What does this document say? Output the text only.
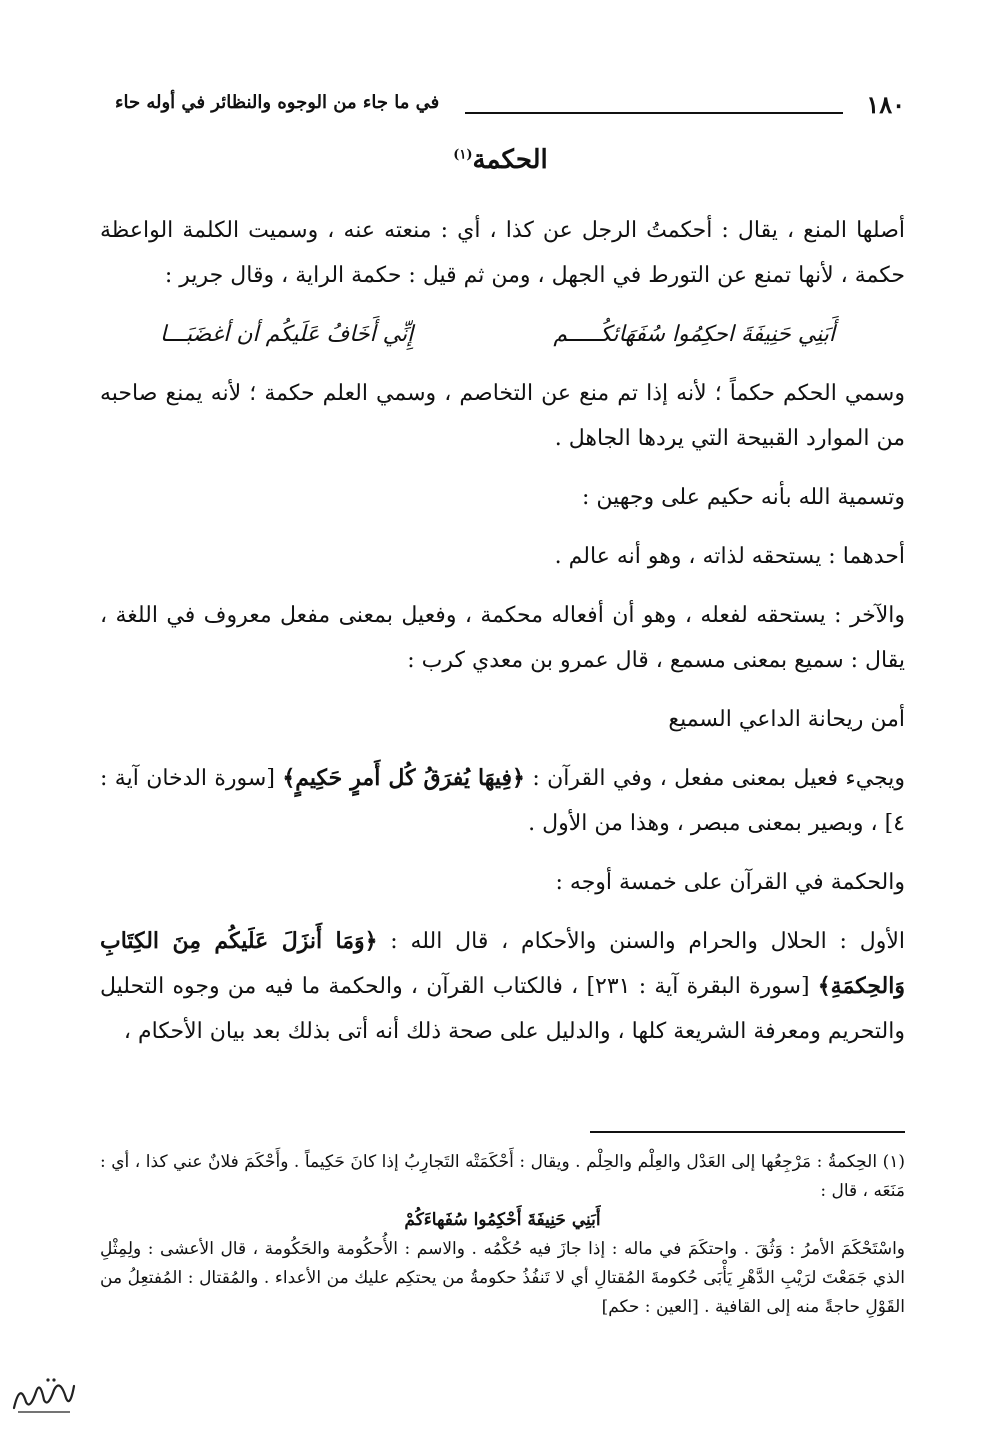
١٨٠
في ما جاء من الوجوه والنظائر في أوله حاء
الحكمة$^{(١)}$

أصلها المنع ، يقال : أحكمتُ الرجل عن كذا ، أي : منعته عنه ، وسميت الكلمة الواعظة حكمة ، لأنها تمنع عن التورط في الجهل ، ومن ثم قيل : حكمة الراية ، وقال جرير :

أَبَنِي حَنِيفَةَ احكِمُوا سُفَهَائكُـــــم
إِنِّي أَخَافُ عَلَيكُم أن أغضَبَـــا

وسمي الحكم حكماً ؛ لأنه إذا تم منع عن التخاصم ، وسمي العلم حكمة ؛ لأنه يمنع صاحبه من الموارد القبيحة التي يردها الجاهل .

وتسمية الله بأنه حكيم على وجهين :

أحدهما : يستحقه لذاته ، وهو أنه عالم .

والآخر : يستحقه لفعله ، وهو أن أفعاله محكمة ، وفعيل بمعنى مفعل معروف في اللغة ، يقال : سميع بمعنى مسمع ، قال عمرو بن معدي كرب :

أمن ريحانة الداعي السميع

ويجيء فعيل بمعنى مفعل ، وفي القرآن : ﴿فِيهَا يُفرَقُ كُل أَمرٍ حَكِيمٍ﴾ [سورة الدخان آية : ٤] ، وبصير بمعنى مبصر ، وهذا من الأول .

والحكمة في القرآن على خمسة أوجه :

الأول : الحلال والحرام والسنن والأحكام ، قال الله : ﴿وَمَا أَنزَلَ عَلَيكُم مِنَ الكِتَابِ وَالحِكمَةِ﴾ [سورة البقرة آية : ٢٣١] ، فالكتاب القرآن ، والحكمة ما فيه من وجوه التحليل والتحريم ومعرفة الشريعة كلها ، والدليل على صحة ذلك أنه أتى بذلك بعد بيان الأحكام ،

(١) الحِكمةُ : مَرْجِعُها إلى العَدْل والعِلْم والحِلْم . ويقال : أَحْكَمَتْه التَجارِبُ إذا كانَ حَكِيماً . وأَحْكَمَ فلانٌ عني كذا ، أي : مَنَعَه ، قال :

أَبَنِي حَنِيفَةَ أَحْكِمُوا سُفَهاءَكُمْ

واسْتَحْكَمَ الأمرُ : وَثُقَ . واحتكَمَ في ماله : إذا جازَ فيه حُكْمُه . والاسم : الأُحكُومة والحَكُومة ، قال الأعشى : ولِمِثْلِ الذي جَمَعْتَ لرَيْبِ الدَّهْرِ يَأْبَى حُكومةَ المُقتالِ أي لا تَنفُذُ حكومةُ من يحتكِم عليك من الأعداء . والمُقتال : المُفتعِلُ من القَوْلِ حاجةً منه إلى القافية . [العين : حكم]
